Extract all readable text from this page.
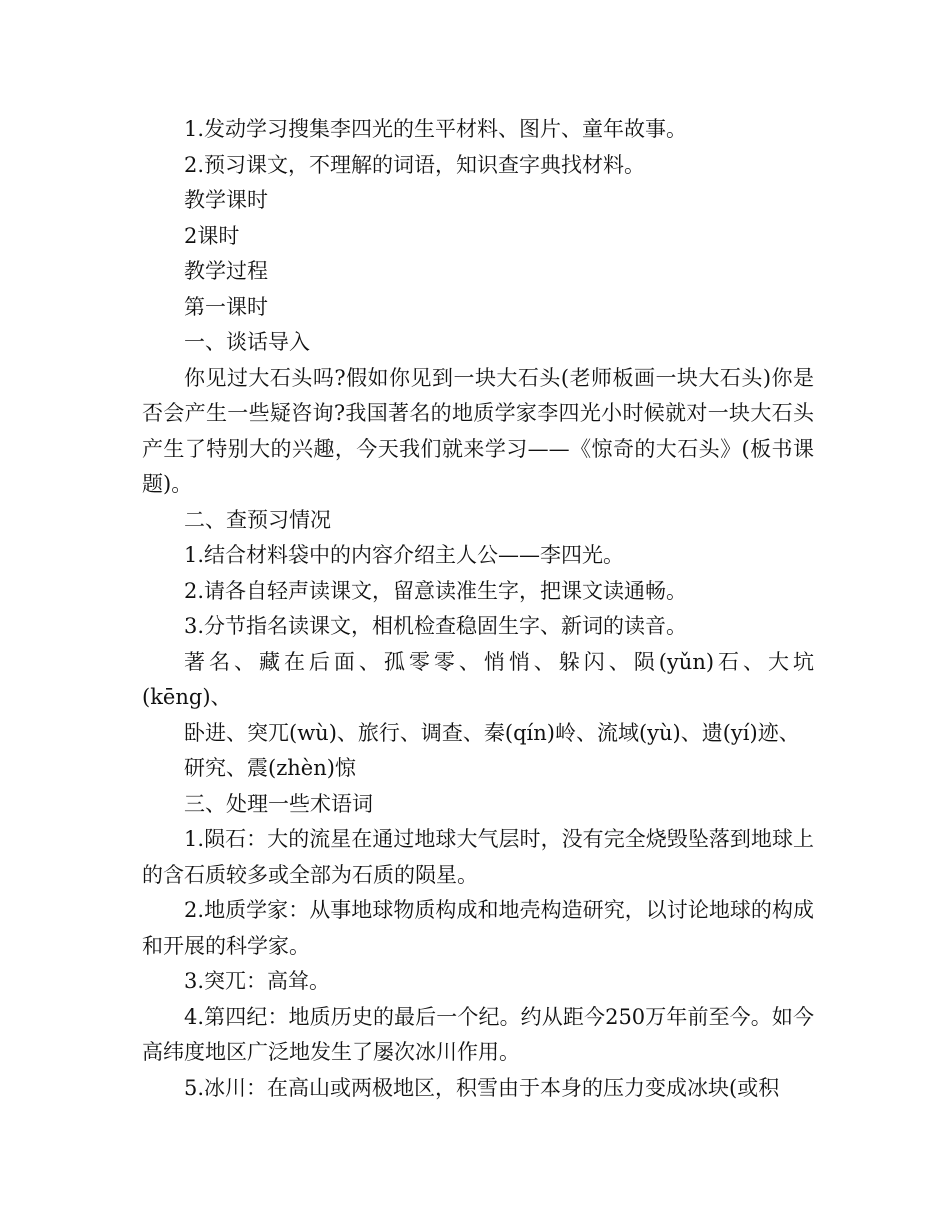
1.发动学习搜集李四光的生平材料、图片、童年故事。

2.预习课文，不理解的词语，知识查字典找材料。

教学课时

2课时

教学过程

第一课时

一、谈话导入

你见过大石头吗?假如你见到一块大石头(老师板画一块大石头)你是否会产生一些疑咨询?我国著名的地质学家李四光小时候就对一块大石头产生了特别大的兴趣，今天我们就来学习——《惊奇的大石头》(板书课题)。

二、查预习情况

1.结合材料袋中的内容介绍主人公——李四光。

2.请各自轻声读课文，留意读准生字，把课文读通畅。

3.分节指名读课文，相机检查稳固生字、新词的读音。

著名、藏在后面、孤零零、悄悄、躲闪、陨(yǔn)石、大坑

(kēng)、

卧进、突兀(wù)、旅行、调查、秦(qín)岭、流域(yù)、遗(yí)迹、

研究、震(zhèn)惊

三、处理一些术语词

1.陨石：大的流星在通过地球大气层时，没有完全烧毁坠落到地球上的含石质较多或全部为石质的陨星。

2.地质学家：从事地球物质构成和地壳构造研究，以讨论地球的构成和开展的科学家。

3.突兀：高耸。

4.第四纪：地质历史的最后一个纪。约从距今250万年前至今。如今高纬度地区广泛地发生了屡次冰川作用。

5.冰川：在高山或两极地区，积雪由于本身的压力变成冰块(或积
